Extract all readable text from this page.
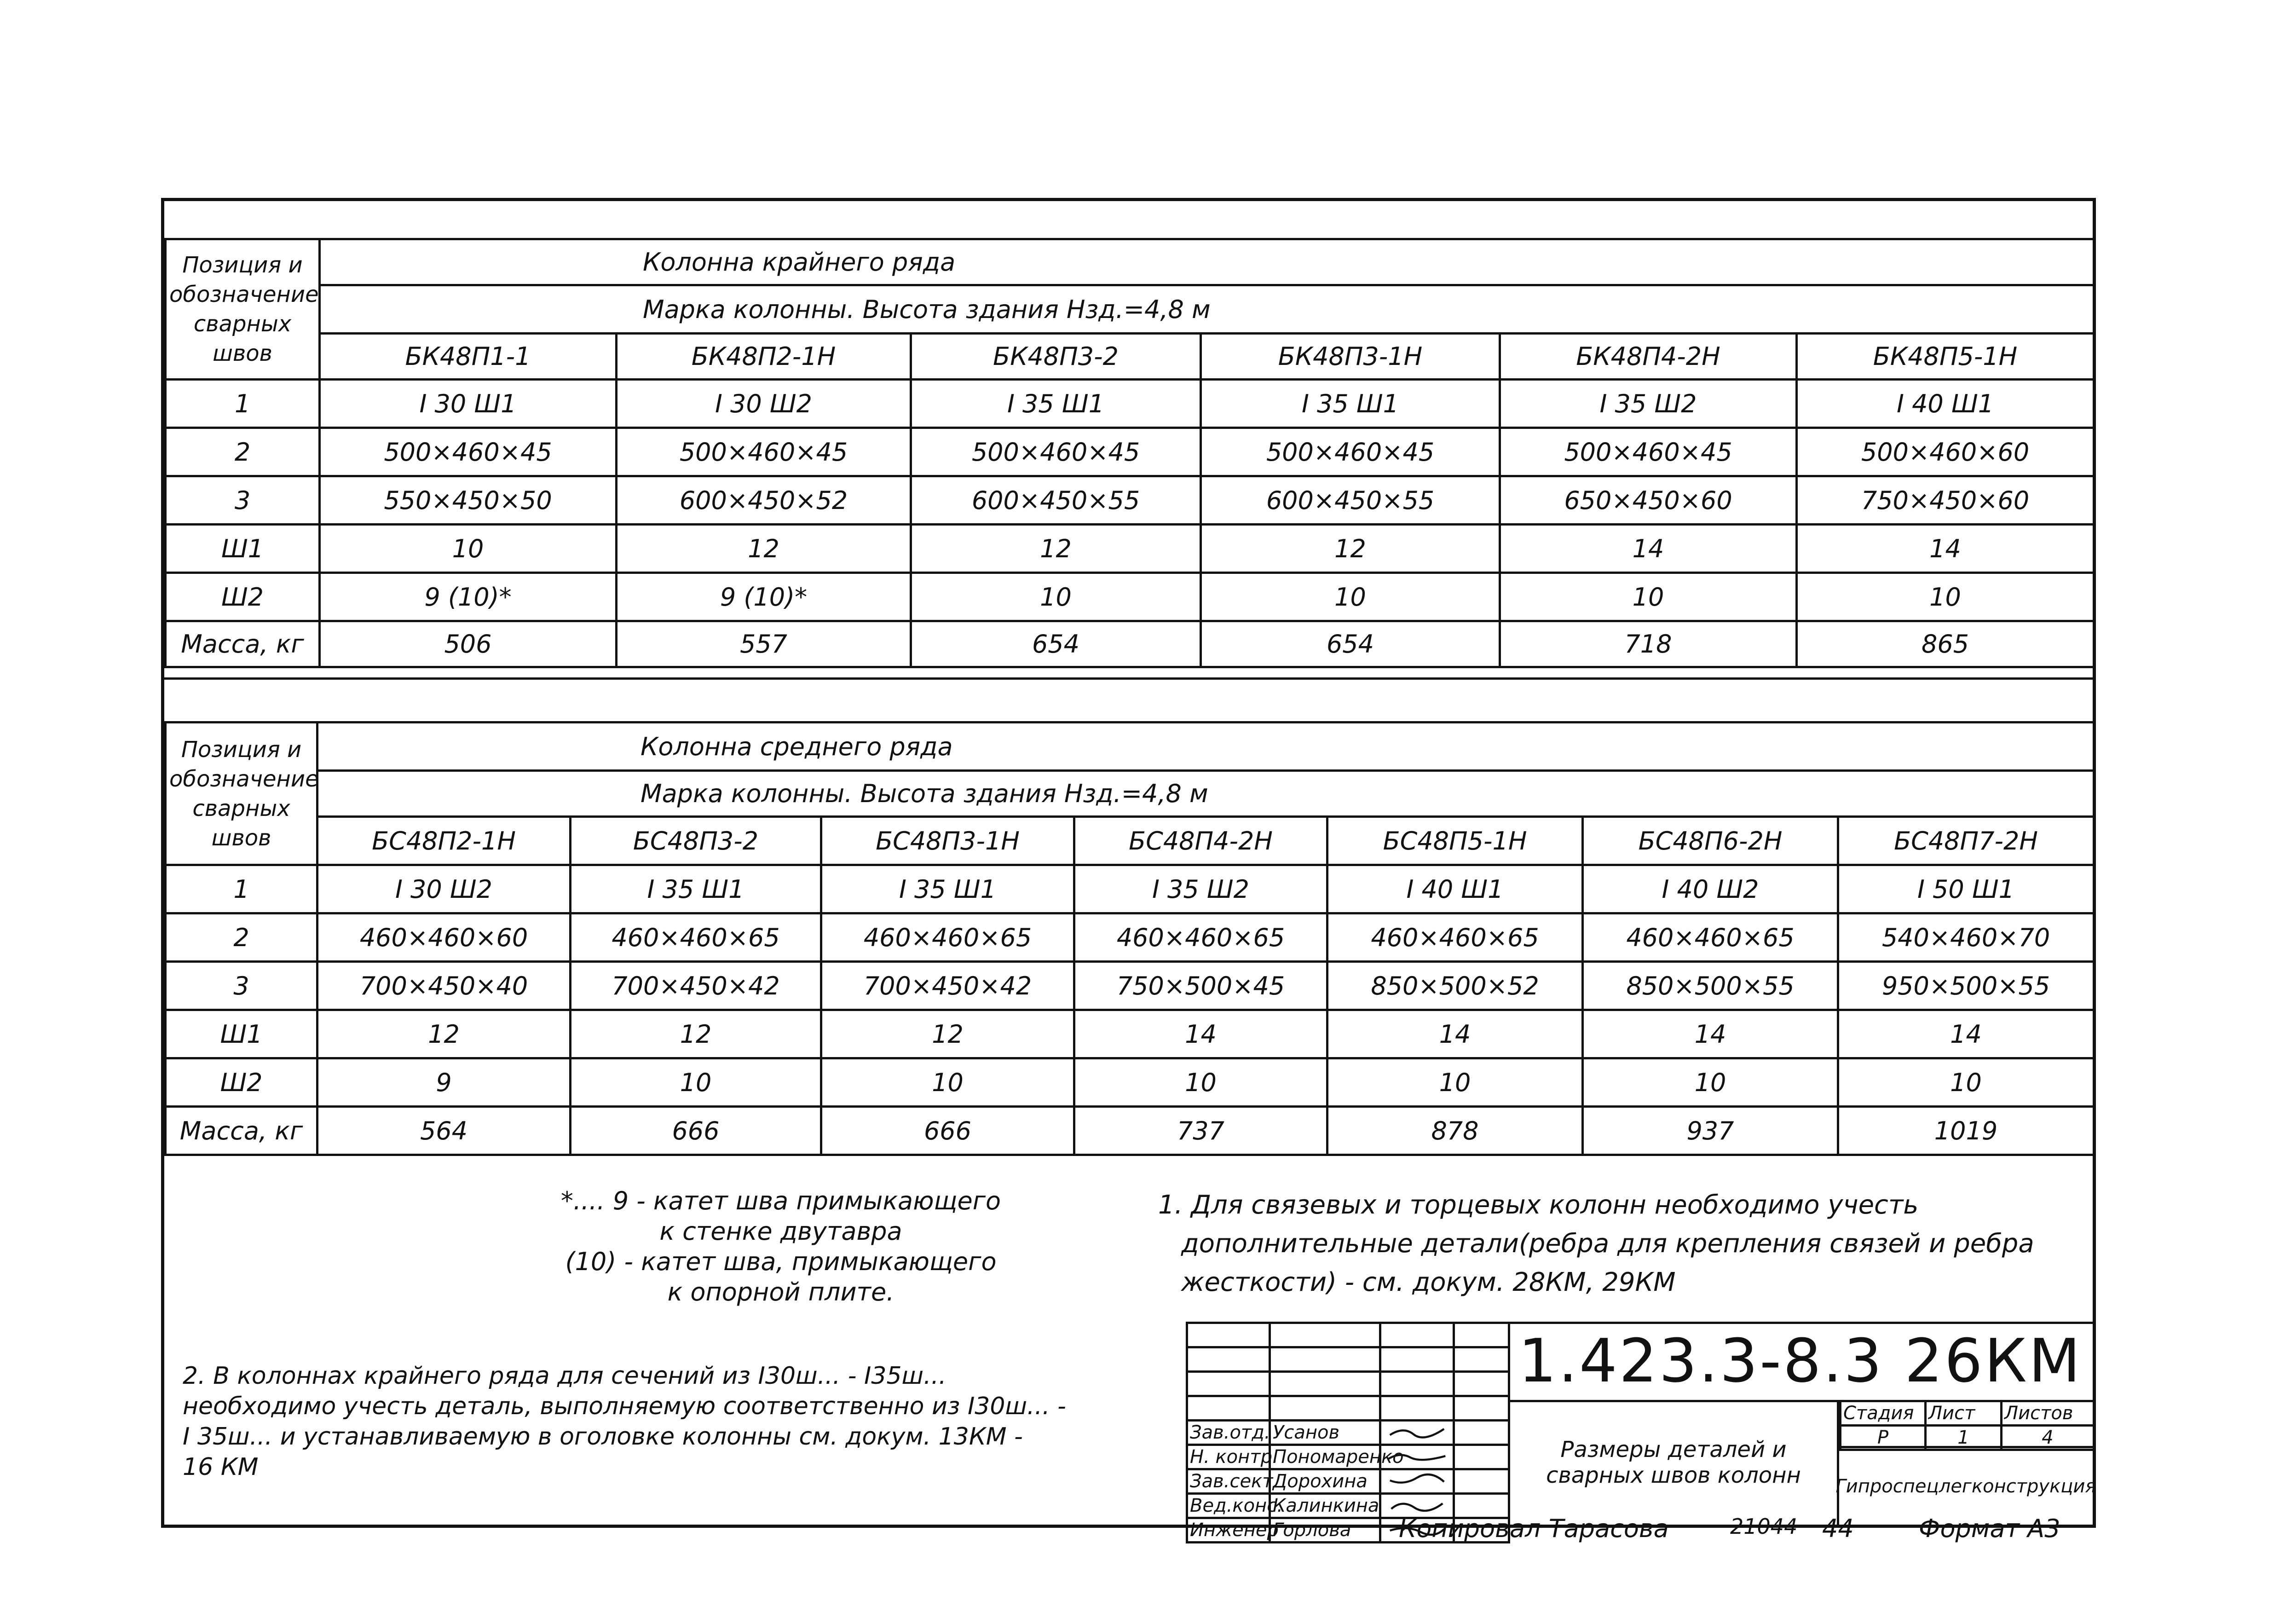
Позиция и обозначение сварных швов	Колонна крайнего ряда					
	Марка колонны. Высота здания Нзд.=4,8 м					
	БК48П1-1	БК48П2-1Н	БК48П3-2	БК48П3-1Н	БК48П4-2Н	БК48П5-1Н
1	I 30 Ш1	I 30 Ш2	I 35 Ш1	I 35 Ш1	I 35 Ш2	I 40 Ш1
2	500×460×45	500×460×45	500×460×45	500×460×45	500×460×45	500×460×60
3	550×450×50	600×450×52	600×450×55	600×450×55	650×450×60	750×450×60
Ш1	10	12	12	12	14	14
Ш2	9 (10)*	9 (10)*	10	10	10	10
Масса, кг	506	557	654	654	718	865
Позиция и обозначение сварных швов	Колонна среднего ряда						
	Марка колонны. Высота здания Нзд.=4,8 м						
	БС48П2-1Н	БС48П3-2	БС48П3-1Н	БС48П4-2Н	БС48П5-1Н	БС48П6-2Н	БС48П7-2Н
1	I 30 Ш2	I 35 Ш1	I 35 Ш1	I 35 Ш2	I 40 Ш1	I 40 Ш2	I 50 Ш1
2	460×460×60	460×460×65	460×460×65	460×460×65	460×460×65	460×460×65	540×460×70
3	700×450×40	700×450×42	700×450×42	750×500×45	850×500×52	850×500×55	950×500×55
Ш1	12	12	12	14	14	14	14
Ш2	9	10	10	10	10	10	10
Масса, кг	564	666	666	737	878	937	1019
*.... 9 - катет шва примыкающего
к стенке двутавра
(10) - катет шва, примыкающего
к опорной плите.
1. Для связевых и торцевых колонн необходимо учесть
дополнительные детали(ребра для крепления связей и ребра
жесткости) - см. докум. 28КМ, 29КМ
2. В колоннах крайнего ряда для сечений из I30ш... - I35ш...
необходимо учесть деталь, выполняемую соответственно из I30ш... -
I 35ш... и устанавливаемую в оголовке колонны см. докум. 13КМ -
16 КМ

Зав.отд.	Усанов		
Н. контр.	Пономаренко		
Зав.сект.	Дорохина		
Вед.конс.	Калинкина		
Инженер	Горлова		
1.423.3-8.3 26КМ
Размеры деталей и сварных швов колонн
Стадия	Лист	Листов
Р	1	4
Гипроспецлегконструкция
Копировал Тарасова	21044 44	Формат А3
